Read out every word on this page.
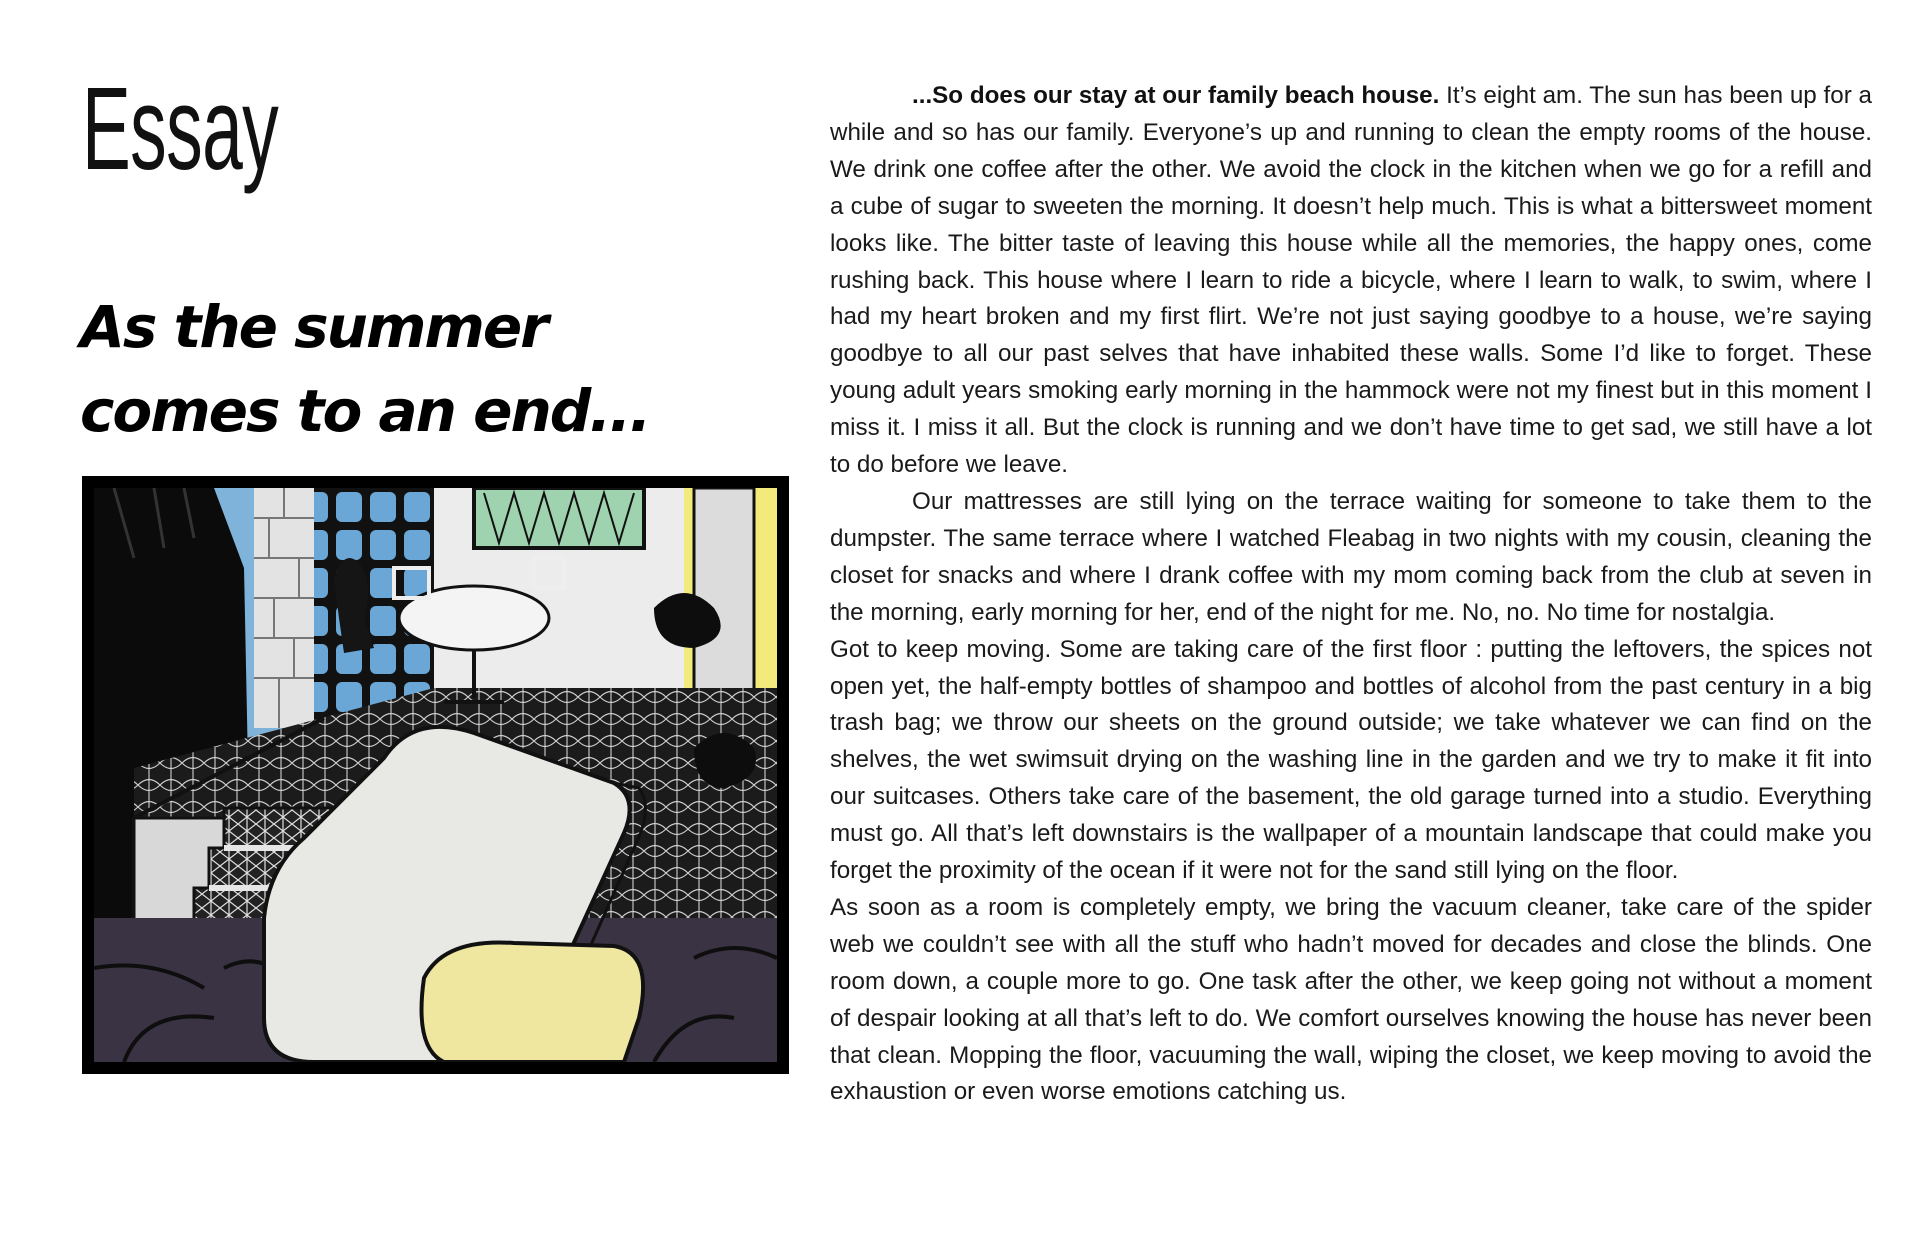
Essay
As the summer
comes to an end...

...So does our stay at our family beach house. It’s eight am. The sun has been up for a while and so has our family. Everyone’s up and running to clean the empty rooms of the house. We drink one coffee after the other. We avoid the clock in the kitchen when we go for a refill and a cube of sugar to sweeten the morning. It doesn’t help much. This is what a bittersweet moment looks like. The bitter taste of leaving this house while all the memories, the happy ones, come rushing back. This house where I learn to ride a bicycle, where I learn to walk, to swim, where I had my heart broken and my first flirt. We’re not just saying goodbye to a house, we’re saying goodbye to all our past selves that have inhabited these walls. Some I’d like to forget. These young adult years smoking early morning in the hammock were not my finest but in this moment I miss it. I miss it all. But the clock is running and we don’t have time to get sad, we still have a lot to do before we leave.

Our mattresses are still lying on the terrace waiting for someone to take them to the dumpster. The same terrace where I watched Fleabag in two nights with my cousin, cleaning the closet for snacks and where I drank coffee with my mom coming back from the club at seven in the morning, early morning for her, end of the night for me. No, no. No time for nostalgia.

Got to keep moving. Some are taking care of the first floor : putting the leftovers, the spices not open yet, the half-empty bottles of shampoo and bottles of alcohol from the past century in a big trash bag; we throw our sheets on the ground outside; we take whatever we can find on the shelves, the wet swimsuit drying on the washing line in the garden and we try to make it fit into our suitcases. Others take care of the basement, the old garage turned into a studio. Everything must go. All that’s left downstairs is the wallpaper of a mountain landscape that could make you forget the proximity of the ocean if it were not for the sand still lying on the floor.

As soon as a room is completely empty, we bring the vacuum cleaner, take care of the spider web we couldn’t see with all the stuff who hadn’t moved for decades and close the blinds. One room down, a couple more to go. One task after the other, we keep going not without a moment of despair looking at all that’s left to do. We comfort ourselves knowing the house has never been that clean. Mopping the floor, vacuuming the wall, wiping the closet, we keep moving to avoid the exhaustion or even worse emotions catching us.
